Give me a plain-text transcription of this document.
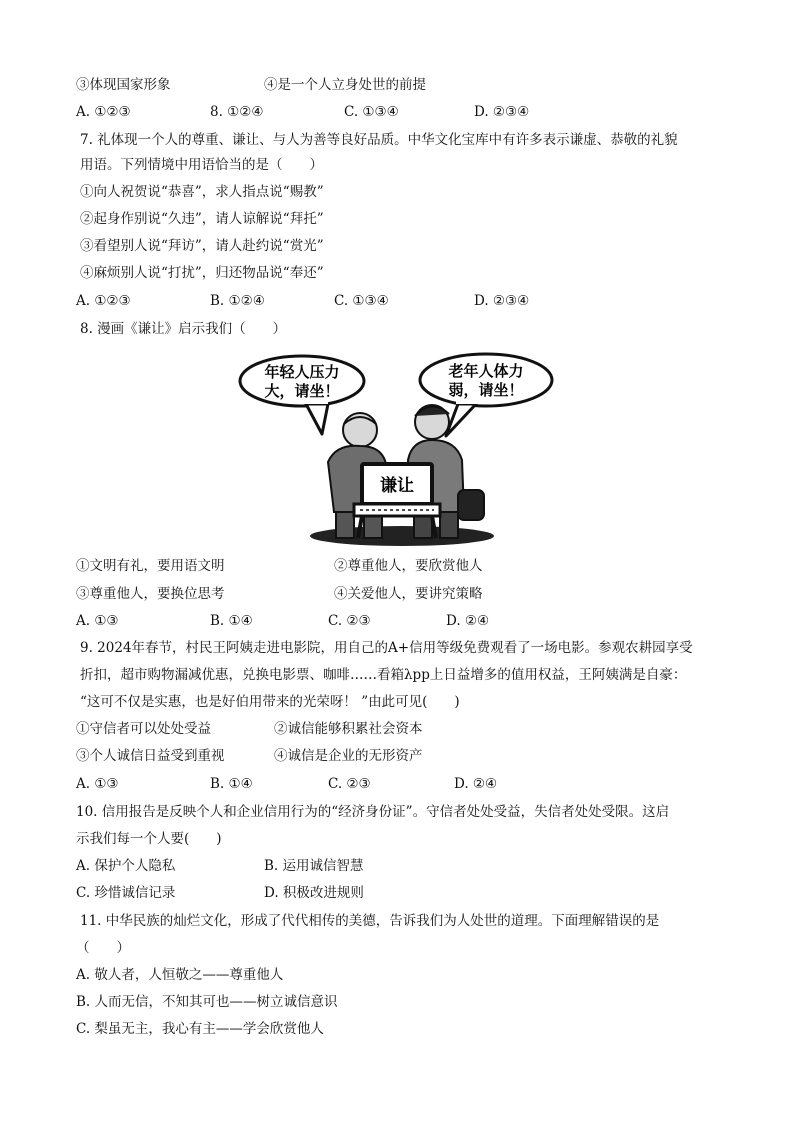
③体现国家形象	④是一个人立身处世的前提
A. ①②③	8. ①②④	C. ①③④	D. ②③④
7. 礼体现一个人的尊重、谦让、与人为善等良好品质。中华文化宝库中有许多表示谦虚、恭敬的礼貌
用语。下列情境中用语恰当的是（　　）
①向人祝贺说“恭喜”，求人指点说“赐教”
②起身作别说“久违”，请人谅解说“拜托”
③看望别人说“拜访”，请人赴约说“赏光”
④麻烦别人说“打扰”，归还物品说“奉还”
A. ①②③	B. ①②④	C. ①③④	D. ②③④
8. 漫画《谦让》启示我们（　　）
年轻人压力
大，请坐！
老年人体力
弱，请坐！
谦让
①文明有礼，要用语文明	②尊重他人，要欣赏他人
③尊重他人，要换位思考	④关爱他人，要讲究策略
A. ①③	B. ①④	C. ②③	D. ②④
9. 2024年春节，村民王阿姨走进电影院，用自己的A+信用等级免费观看了一场电影。参观农耕园享受
折扣，超市购物漏减优惠，兑换电影票、咖啡……看箱λpp上日益增多的值用权益，王阿姨满是自豪：
“这可不仅是实惠，也是好伯用带来的光荣呀！ ”由此可见(　　)
①守信者可以处处受益	②诚信能够积累社会资本
③个人诚信日益受到重视	④诚信是企业的无形资产
A. ①③	B. ①④	C. ②③	D. ②④
10. 信用报告是反映个人和企业信用行为的“经济身份证”。守信者处处受益，失信者处处受限。这启
示我们每一个人要(　　)
A. 保护个人隐私	B. 运用诚信智慧
C. 珍惜诚信记录	D. 积极改进规则
11. 中华民族的灿烂文化，形成了代代相传的美德，告诉我们为人处世的道理。下面理解错误的是
（　　）
A. 敬人者，人恒敬之——尊重他人
B. 人而无信，不知其可也——树立诚信意识
C. 梨虽无主，我心有主——学会欣赏他人
